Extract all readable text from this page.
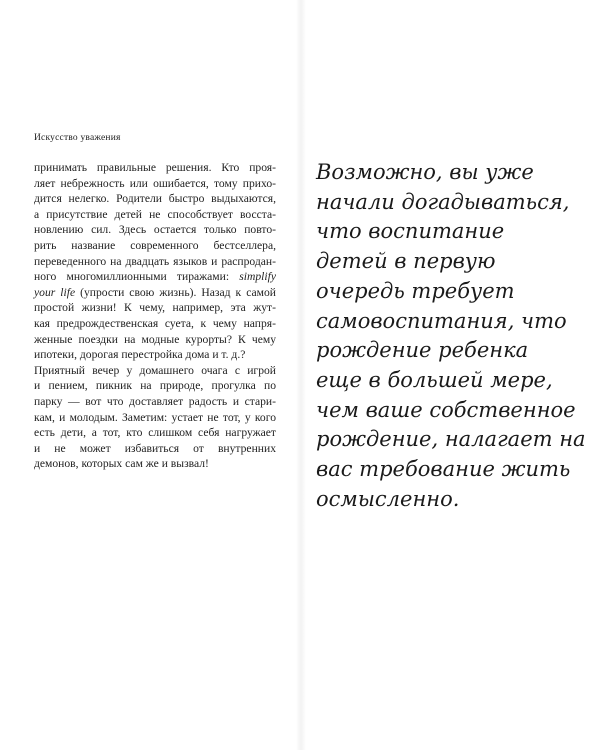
Искусство уважения
принимать правильные решения. Кто проя-
ляет небрежность или ошибается, тому прихо-
дится нелегко. Родители быстро выдыхаются,
а присутствие детей не способствует восста-
новлению сил. Здесь остается только повто-
рить название современного бестселлера,
переведенного на двадцать языков и распродан-
ного многомиллионными тиражами: simplify
your life (упрости свою жизнь). Назад к самой
простой жизни! К чему, например, эта жут-
кая предрождественская суета, к чему напря-
женные поездки на модные курорты? К чему
ипотеки, дорогая перестройка дома и т. д.?
Приятный вечер у домашнего очага с игрой
и пением, пикник на природе, прогулка по
парку — вот что доставляет радость и стари-
кам, и молодым. Заметим: устает не тот, у кого
есть дети, а тот, кто слишком себя нагружает
и не может избавиться от внутренних
демонов, которых сам же и вызвал!
Возможно, вы уже
начали догадываться,
что воспитание
детей в первую
очередь требует
самовоспитания, что
рождение ребенка
еще в большей мере,
чем ваше собственное
рождение, налагает на
вас требование жить
осмысленно.
